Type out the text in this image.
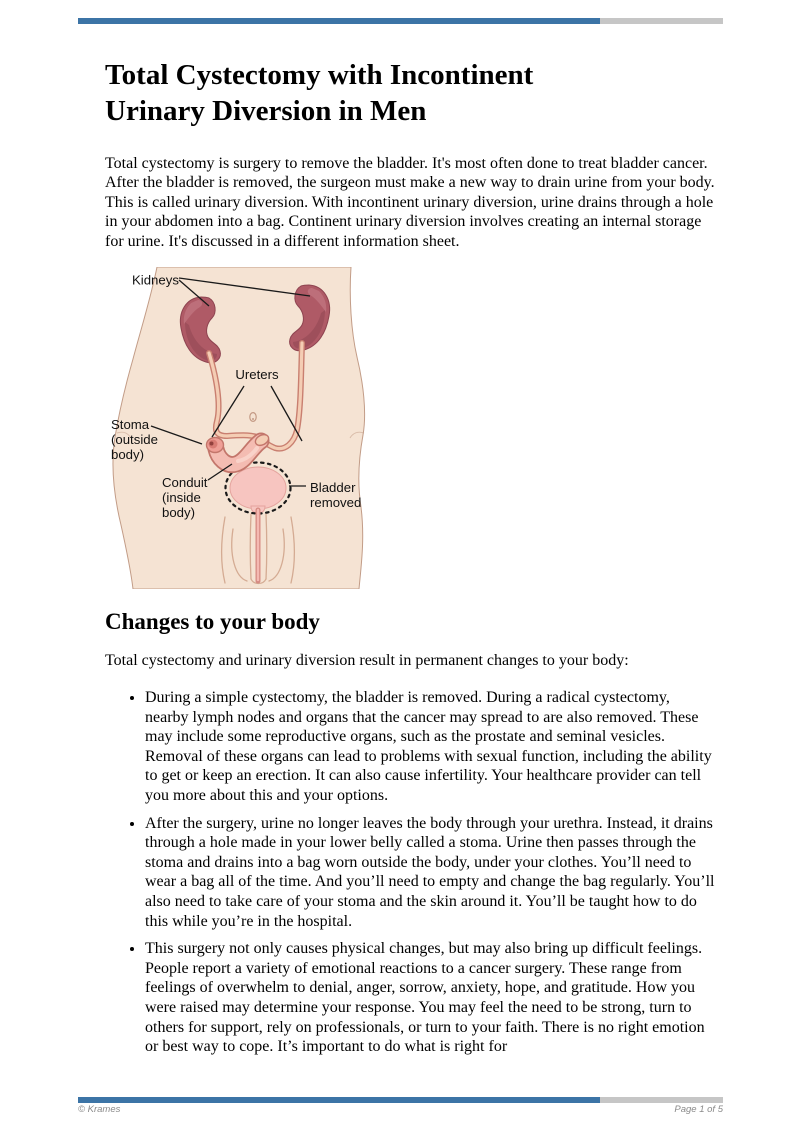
Total Cystectomy with Incontinent Urinary Diversion in Men

Total cystectomy is surgery to remove the bladder. It's most often done to treat bladder cancer. After the bladder is removed, the surgeon must make a new way to drain urine from your body. This is called urinary diversion. With incontinent urinary diversion, urine drains through a hole in your abdomen into a bag. Continent urinary diversion involves creating an internal storage for urine. It's discussed in a different information sheet.

Kidneys
Ureters
Stoma
(outside
body)
Conduit
(inside
body)
Bladder
removed
Changes to your body

Total cystectomy and urinary diversion result in permanent changes to your body:

• During a simple cystectomy, the bladder is removed. During a radical cystectomy, nearby lymph nodes and organs that the cancer may spread to are also removed. These may include some reproductive organs, such as the prostate and seminal vesicles. Removal of these organs can lead to problems with sexual function, including the ability to get or keep an erection. It can also cause infertility. Your healthcare provider can tell you more about this and your options.
• After the surgery, urine no longer leaves the body through your urethra. Instead, it drains through a hole made in your lower belly called a stoma. Urine then passes through the stoma and drains into a bag worn outside the body, under your clothes. You’ll need to wear a bag all of the time. And you’ll need to empty and change the bag regularly. You’ll also need to take care of your stoma and the skin around it. You’ll be taught how to do this while you’re in the hospital.
• This surgery not only causes physical changes, but may also bring up difficult feelings. People report a variety of emotional reactions to a cancer surgery. These range from feelings of overwhelm to denial, anger, sorrow, anxiety, hope, and gratitude. How you were raised may determine your response. You may feel the need to be strong, turn to others for support, rely on professionals, or turn to your faith. There is no right emotion or best way to cope. It’s important to do what is right for
© Krames	Page 1 of 5
